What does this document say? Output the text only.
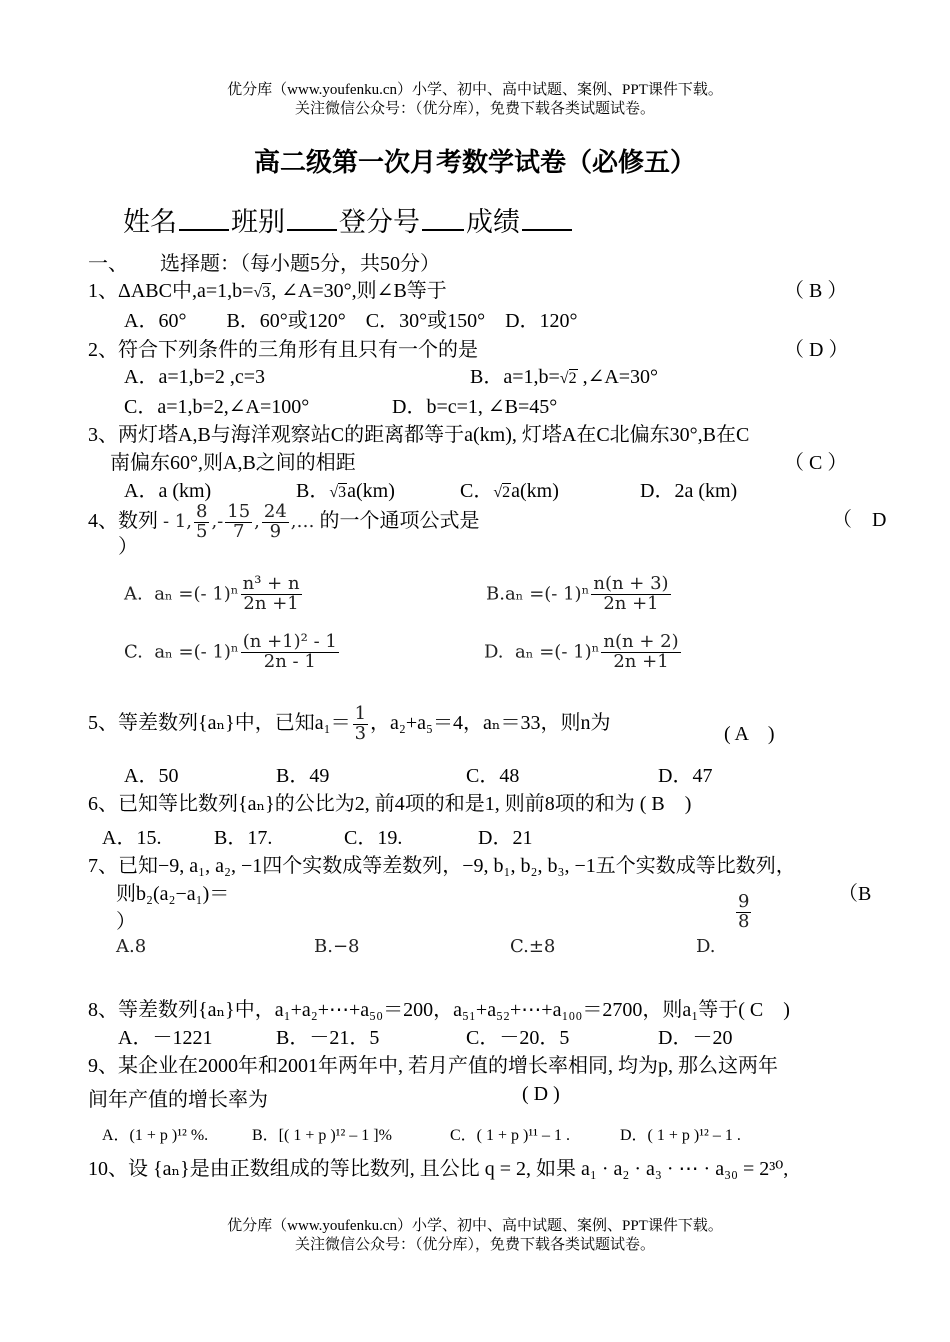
优分库（www.youfenku.cn）小学、初中、高中试题、案例、PPT课件下载。
关注微信公众号：（优分库），免费下载各类试题试卷。
高二级第一次月考数学试卷（必修五）
姓名 班别 登分号 成绩
一、 选择题：（每小题5分，共50分）
1、ΔABC中,a=1,b=√3, ∠A=30°,则∠B等于	（ B ）
A．60°　　B．60°或120°　C．30°或150°　D．120°
2、符合下列条件的三角形有且只有一个的是	（ D ）
A．a=1,b=2 ,c=3	B．a=1,b=√2 ,∠A=30°
C．a=1,b=2,∠A=100°	D．b=c=1, ∠B=45°
3、两灯塔A,B与海洋观察站C的距离都等于a(km), 灯塔A在C北偏东30°,B在C
南偏东60°,则A,B之间的相距	（ C ）
A．a (km)	B．√3a(km)	C．√2a(km)	D．2a (km)
4、数列 - 1, $\frac{8}{5}$ ,- $\frac{15}{7}$ , $\frac{24}{9}$ ,… 的一个通项公式是	（　D
）
A. aₙ =(- $1)^n \frac{\text{n³ + n}}{2n +1}$	B.aₙ =(- $1)^n \frac{n(n + 3)}{2n +1}$
C. aₙ =(- $1)^n \frac{\text{(n +1)² - 1}}{2n - 1}$	D. aₙ =(- $1)^n \frac{n(n + 2)}{2n +1}$
5、等差数列{aₙ}中，已知$a_1= \frac{1}{3}$ ，a₂+a₅＝4，aₙ＝33，则n为
( A　)
A．50	B．49	C．48	D．47
6、已知等比数列{aₙ}的公比为2, 前4项的和是1, 则前8项的和为 ( B　)
A．15.	B．17.	C．19.	D．21
7、已知−9, a₁, a₂, −1四个实数成等差数列，−9, b₁, b₂, b₃, −1五个实数成等比数列，
则b₂(a₂−a₁)＝	（B
）	$\frac{9}{8}$
A.8	B.−8	C.±8	D.
8、等差数列{aₙ}中，a₁+a₂+⋯+a₅₀＝200，a₅₁+a₅₂+⋯+a₁₀₀＝2700，则a₁等于( C　)
A．－1221	B．－21．5	C．－20．5	D．－20
9、某企业在2000年和2001年两年中, 若月产值的增长率相同, 均为p, 那么这两年
间年产值的增长率为	( D )
A．(1 + p )¹² %.	B．[( 1 + p )¹² – 1 ]%	C．( 1 + p )¹¹ – 1 .	D．( 1 + p )¹² – 1 .
10、设 {aₙ}是由正数组成的等比数列, 且公比 q = 2, 如果 a₁ · a₂ · a₃ · ⋯ · a₃₀ = 2³⁰,
优分库（www.youfenku.cn）小学、初中、高中试题、案例、PPT课件下载。
关注微信公众号：（优分库），免费下载各类试题试卷。
